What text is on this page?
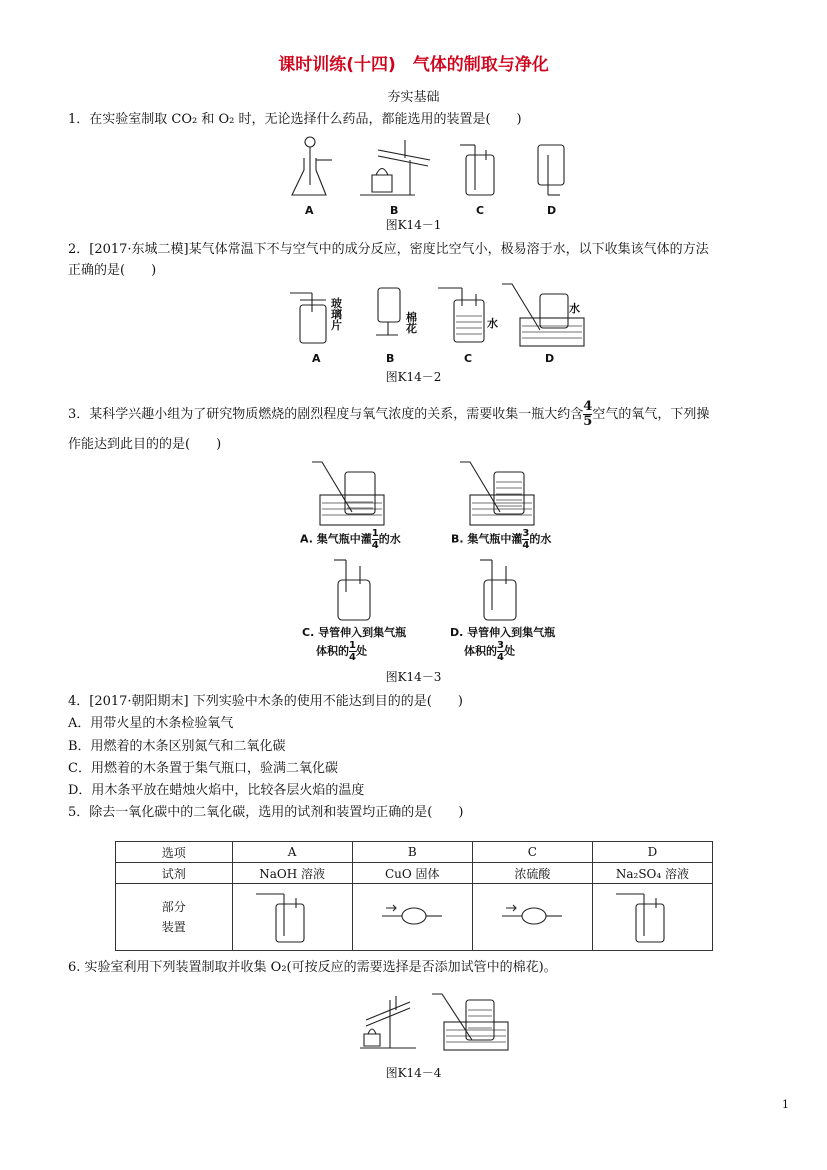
课时训练(十四)　气体的制取与净化
夯实基础
1．在实验室制取 CO₂ 和 O₂ 时，无论选择什么药品，都能选用的装置是(　　)
A	B	C	D
图K14－1
2．[2017·东城二模]某气体常温下不与空气中的成分反应，密度比空气小，极易溶于水，以下收集该气体的方法
正确的是(　　)
玻璃片
棉花	水
水
A	B	C	D
图K14－2
3．某科学兴趣小组为了研究物质燃烧的剧烈程度与氧气浓度的关系，需要收集一瓶大约含 $\frac{4}{5}$ 空气的氧气，下列操
作能达到此目的的是(　　)
A. 集气瓶中灌 $\frac{1}{4}$ 的水	B. 集气瓶中灌 $\frac{3}{4}$ 的水
C. 导管伸入到集气瓶
体积的 $\frac{1}{4}$ 处
D. 导管伸入到集气瓶
体积的 $\frac{3}{4}$ 处
图K14－3
4．[2017·朝阳期末] 下列实验中木条的使用不能达到目的的是(　　)
A．用带火星的木条检验氧气
B．用燃着的木条区别氮气和二氧化碳
C．用燃着的木条置于集气瓶口，验满二氧化碳
D．用木条平放在蜡烛火焰中，比较各层火焰的温度
5．除去一氧化碳中的二氧化碳，选用的试剂和装置均正确的是(　　)
选项	A	B	C	D
试剂	NaOH 溶液	CuO 固体	浓硫酸	Na₂SO₄ 溶液

部分
装置

6. 实验室利用下列装置制取并收集 O₂(可按反应的需要选择是否添加试管中的棉花)。
图K14－4
1
